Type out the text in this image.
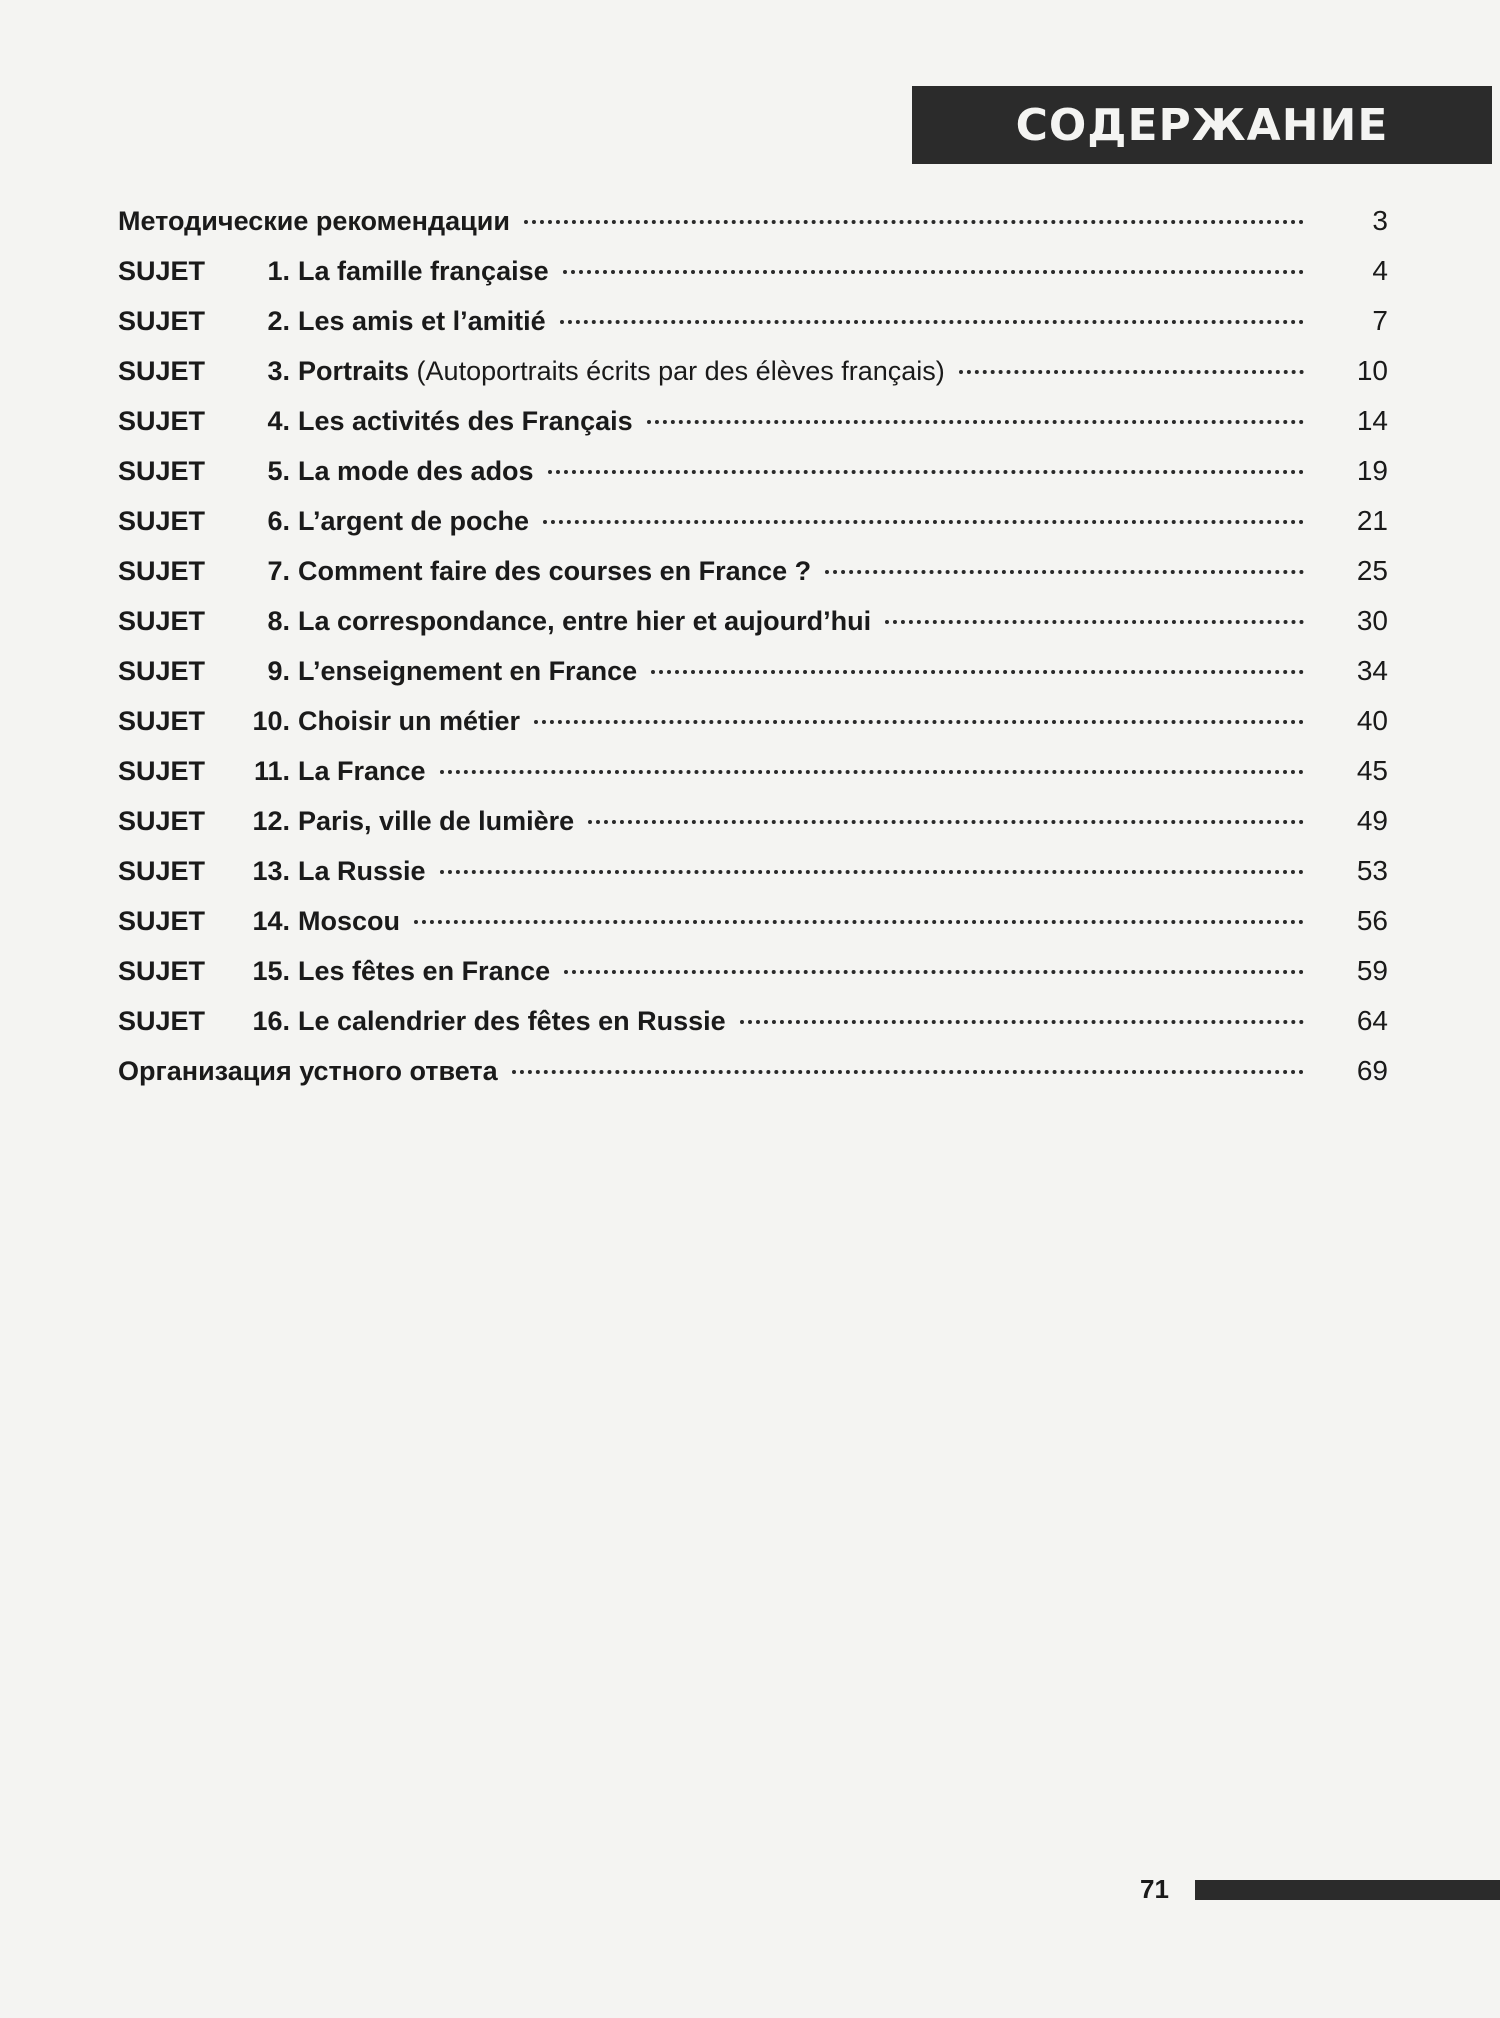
СОДЕРЖАНИЕ
Методические рекомендации	3
SUJET	1. La famille française	4
SUJET	2. Les amis et l’amitié	7
SUJET	3. Portraits (Autoportraits écrits par des élèves français)	10
SUJET	4. Les activités des Français	14
SUJET	5. La mode des ados	19
SUJET	6. L’argent de poche	21
SUJET	7. Comment faire des courses en France ?	25
SUJET	8. La correspondance, entre hier et aujourd’hui	30
SUJET	9. L’enseignement en France	34
SUJET	10. Choisir un métier	40
SUJET	11. La France	45
SUJET	12. Paris, ville de lumière	49
SUJET	13. La Russie	53
SUJET	14. Moscou	56
SUJET	15. Les fêtes en France	59
SUJET	16. Le calendrier des fêtes en Russie	64
Организация устного ответа	69

71
